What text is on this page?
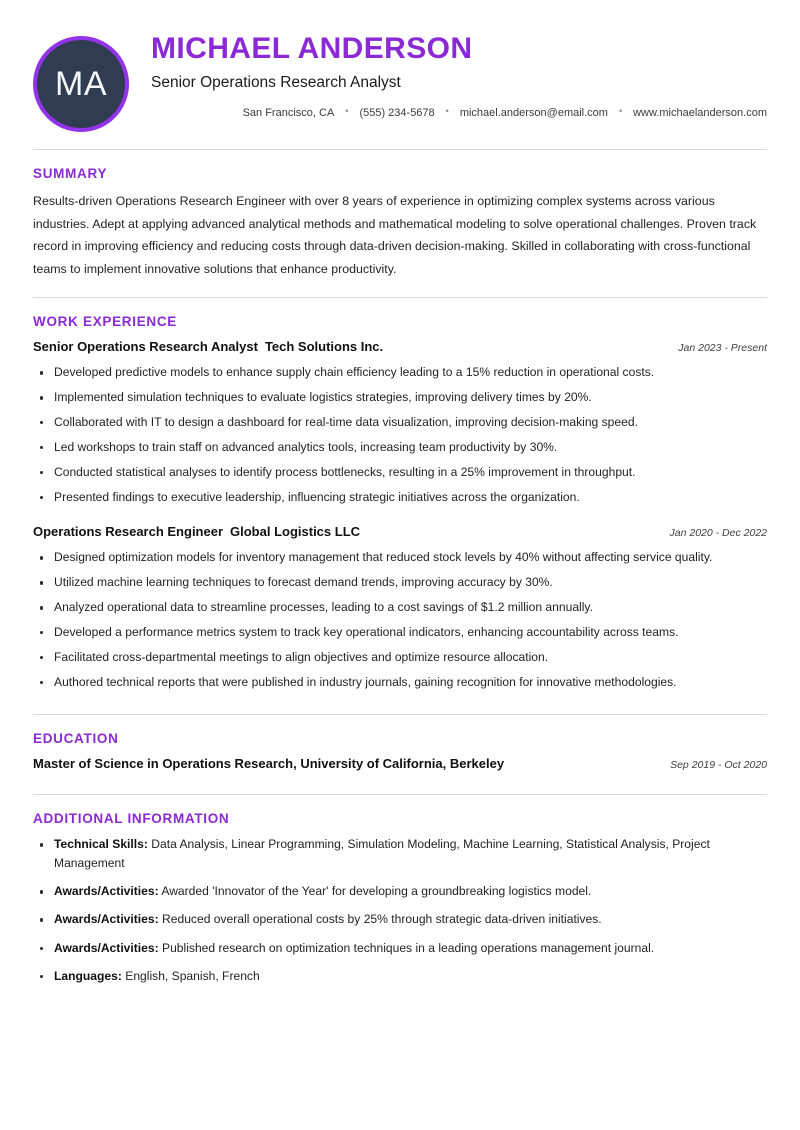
MA
MICHAEL ANDERSON
Senior Operations Research Analyst
San Francisco, CA	•	(555) 234-5678	•	michael.anderson@email.com	•	www.michaelanderson.com
SUMMARY

Results-driven Operations Research Engineer with over 8 years of experience in optimizing complex systems across various industries. Adept at applying advanced analytical methods and mathematical modeling to solve operational challenges. Proven track record in improving efficiency and reducing costs through data-driven decision-making. Skilled in collaborating with cross-functional teams to implement innovative solutions that enhance productivity.

WORK EXPERIENCE
Senior Operations Research Analyst Tech Solutions Inc.	Jan 2023 - Present
Developed predictive models to enhance supply chain efficiency leading to a 15% reduction in operational costs.
Implemented simulation techniques to evaluate logistics strategies, improving delivery times by 20%.
Collaborated with IT to design a dashboard for real-time data visualization, improving decision-making speed.
Led workshops to train staff on advanced analytics tools, increasing team productivity by 30%.
Conducted statistical analyses to identify process bottlenecks, resulting in a 25% improvement in throughput.
Presented findings to executive leadership, influencing strategic initiatives across the organization.
Operations Research Engineer Global Logistics LLC	Jan 2020 - Dec 2022
Designed optimization models for inventory management that reduced stock levels by 40% without affecting service quality.
Utilized machine learning techniques to forecast demand trends, improving accuracy by 30%.
Analyzed operational data to streamline processes, leading to a cost savings of $1.2 million annually.
Developed a performance metrics system to track key operational indicators, enhancing accountability across teams.
Facilitated cross-departmental meetings to align objectives and optimize resource allocation.
Authored technical reports that were published in industry journals, gaining recognition for innovative methodologies.
EDUCATION
Master of Science in Operations Research, University of California, Berkeley	Sep 2019 - Oct 2020
ADDITIONAL INFORMATION
Technical Skills: Data Analysis, Linear Programming, Simulation Modeling, Machine Learning, Statistical Analysis, Project Management
Awards/Activities: Awarded 'Innovator of the Year' for developing a groundbreaking logistics model.
Awards/Activities: Reduced overall operational costs by 25% through strategic data-driven initiatives.
Awards/Activities: Published research on optimization techniques in a leading operations management journal.
Languages: English, Spanish, French
